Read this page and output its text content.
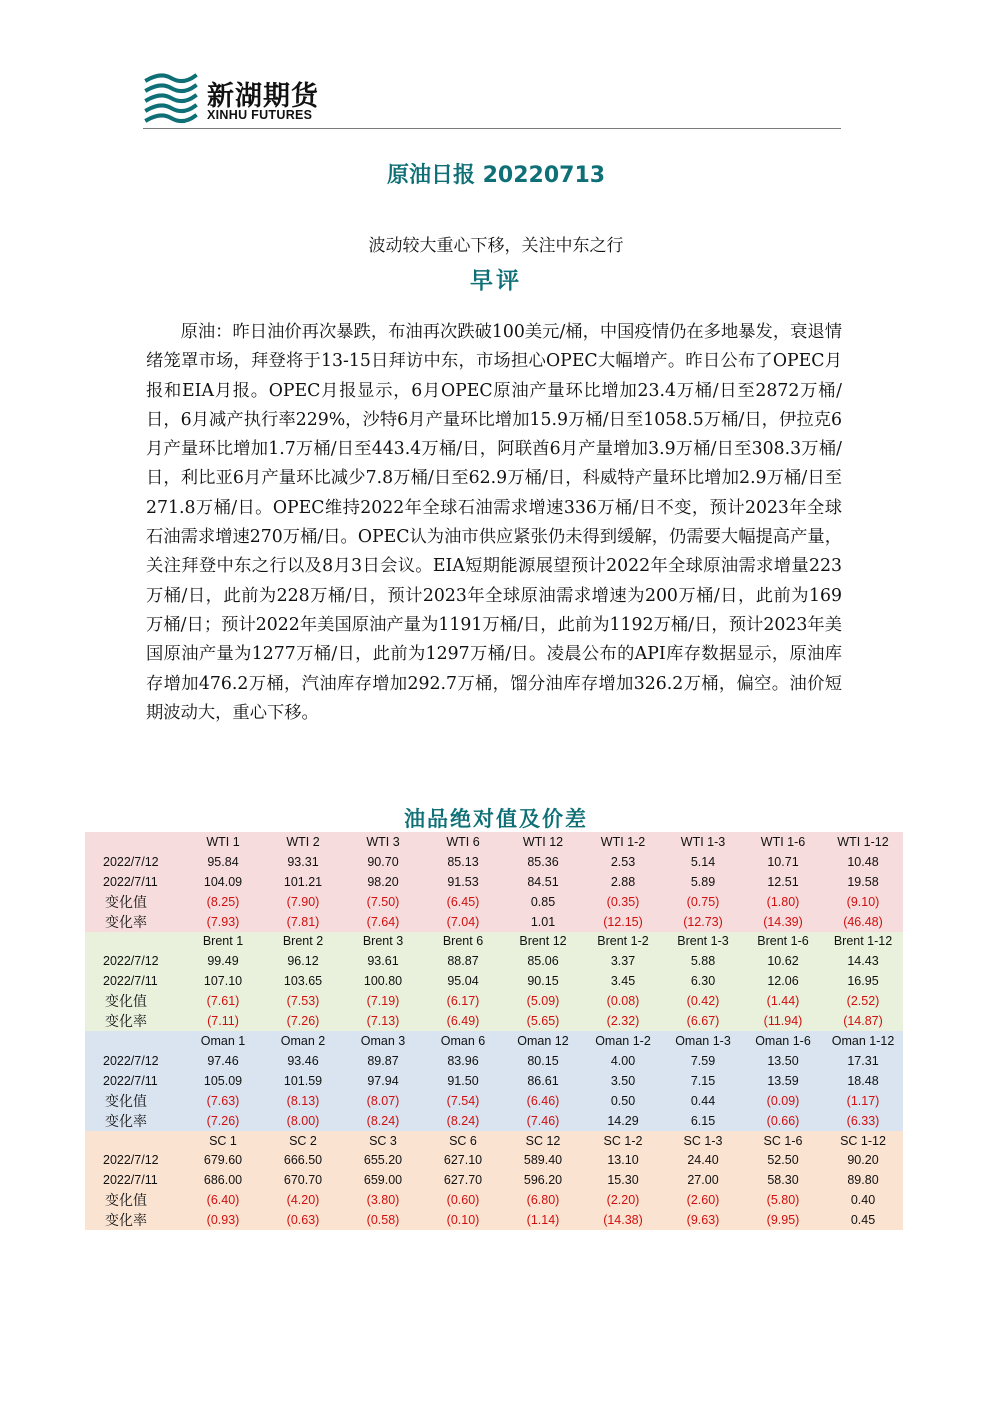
新湖期货
XINHU FUTURES
原油日报 20220713
波动较大重心下移，关注中东之行
早评

原油：昨日油价再次暴跌，布油再次跌破100美元/桶，中国疫情仍在多地暴发，衰退情绪笼罩市场，拜登将于13-15日拜访中东，市场担心OPEC大幅增产。昨日公布了OPEC月报和EIA月报。OPEC月报显示，6月OPEC原油产量环比增加23.4万桶/日至2872万桶/日，6月减产执行率229%，沙特6月产量环比增加15.9万桶/日至1058.5万桶/日，伊拉克6月产量环比增加1.7万桶/日至443.4万桶/日，阿联酋6月产量增加3.9万桶/日至308.3万桶/日，利比亚6月产量环比减少7.8万桶/日至62.9万桶/日，科威特产量环比增加2.9万桶/日至271.8万桶/日。OPEC维持2022年全球石油需求增速336万桶/日不变，预计2023年全球石油需求增速270万桶/日。OPEC认为油市供应紧张仍未得到缓解，仍需要大幅提高产量，关注拜登中东之行以及8月3日会议。EIA短期能源展望预计2022年全球原油需求增量223万桶/日，此前为228万桶/日，预计2023年全球原油需求增速为200万桶/日，此前为169万桶/日；预计2022年美国原油产量为1191万桶/日，此前为1192万桶/日，预计2023年美国原油产量为1277万桶/日，此前为1297万桶/日。凌晨公布的API库存数据显示，原油库存增加476.2万桶，汽油库存增加292.7万桶，馏分油库存增加326.2万桶，偏空。油价短期波动大，重心下移。

油品绝对值及价差
	WTI 1	WTI 2	WTI 3	WTI 6	WTI 12	WTI 1-2	WTI 1-3	WTI 1-6	WTI 1-12
2022/7/12	95.84	93.31	90.70	85.13	85.36	2.53	5.14	10.71	10.48
2022/7/11	104.09	101.21	98.20	91.53	84.51	2.88	5.89	12.51	19.58
变化值	(8.25)	(7.90)	(7.50)	(6.45)	0.85	(0.35)	(0.75)	(1.80)	(9.10)
变化率	(7.93)	(7.81)	(7.64)	(7.04)	1.01	(12.15)	(12.73)	(14.39)	(46.48)
	Brent 1	Brent 2	Brent 3	Brent 6	Brent 12	Brent 1-2	Brent 1-3	Brent 1-6	Brent 1-12
2022/7/12	99.49	96.12	93.61	88.87	85.06	3.37	5.88	10.62	14.43
2022/7/11	107.10	103.65	100.80	95.04	90.15	3.45	6.30	12.06	16.95
变化值	(7.61)	(7.53)	(7.19)	(6.17)	(5.09)	(0.08)	(0.42)	(1.44)	(2.52)
变化率	(7.11)	(7.26)	(7.13)	(6.49)	(5.65)	(2.32)	(6.67)	(11.94)	(14.87)
	Oman 1	Oman 2	Oman 3	Oman 6	Oman 12	Oman 1-2	Oman 1-3	Oman 1-6	Oman 1-12
2022/7/12	97.46	93.46	89.87	83.96	80.15	4.00	7.59	13.50	17.31
2022/7/11	105.09	101.59	97.94	91.50	86.61	3.50	7.15	13.59	18.48
变化值	(7.63)	(8.13)	(8.07)	(7.54)	(6.46)	0.50	0.44	(0.09)	(1.17)
变化率	(7.26)	(8.00)	(8.24)	(8.24)	(7.46)	14.29	6.15	(0.66)	(6.33)
	SC 1	SC 2	SC 3	SC 6	SC 12	SC 1-2	SC 1-3	SC 1-6	SC 1-12
2022/7/12	679.60	666.50	655.20	627.10	589.40	13.10	24.40	52.50	90.20
2022/7/11	686.00	670.70	659.00	627.70	596.20	15.30	27.00	58.30	89.80
变化值	(6.40)	(4.20)	(3.80)	(0.60)	(6.80)	(2.20)	(2.60)	(5.80)	0.40
变化率	(0.93)	(0.63)	(0.58)	(0.10)	(1.14)	(14.38)	(9.63)	(9.95)	0.45
